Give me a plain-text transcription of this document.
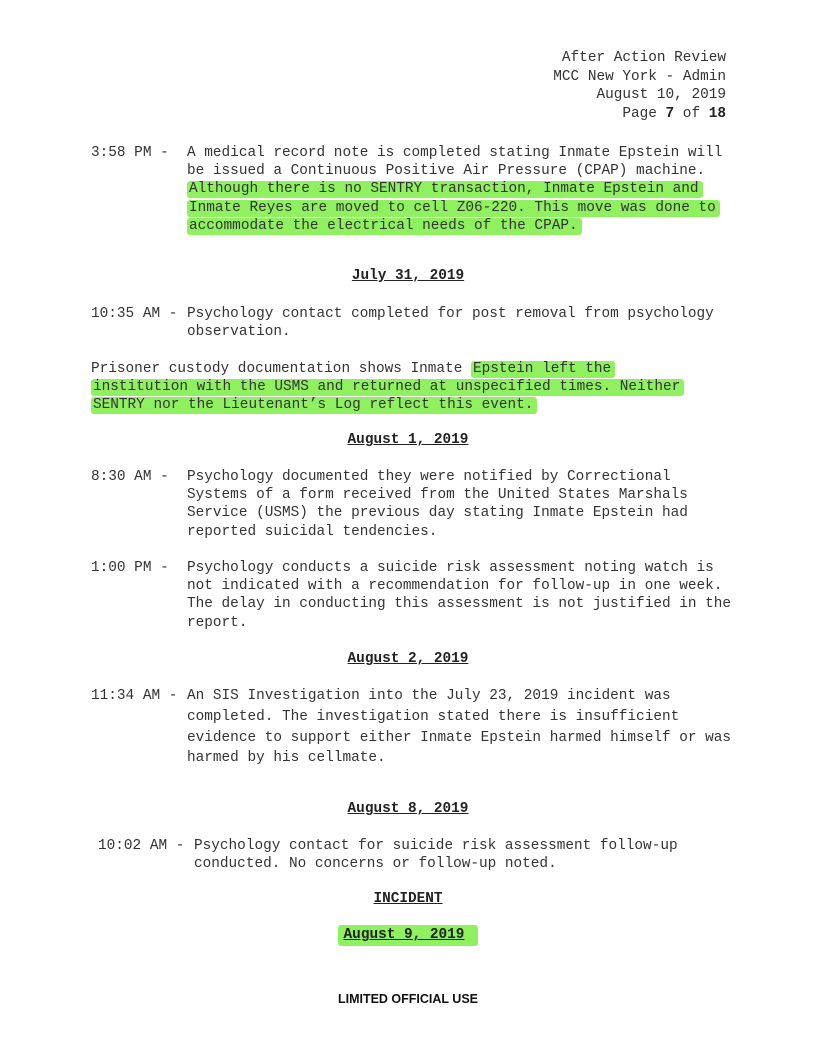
After Action Review
MCC New York - Admin
August 10, 2019
Page 7 of 18

3:58 PM -

A medical record note is completed stating Inmate Epstein will be issued a Continuous Positive Air Pressure (CPAP) machine. Although there is no SENTRY transaction, Inmate Epstein and Inmate Reyes are moved to cell Z06-220. This move was done to accommodate the electrical needs of the CPAP.

July 31, 2019

10:35 AM -

Psychology contact completed for post removal from psychology observation.

Prisoner custody documentation shows Inmate Epstein left the institution with the USMS and returned at unspecified times. Neither SENTRY nor the Lieutenant’s Log reflect this event.
August 1, 2019

8:30 AM -

Psychology documented they were notified by Correctional Systems of a form received from the United States Marshals Service (USMS) the previous day stating Inmate Epstein had reported suicidal tendencies.

1:00 PM -

Psychology conducts a suicide risk assessment noting watch is not indicated with a recommendation for follow-up in one week. The delay in conducting this assessment is not justified in the report.

August 2, 2019

11:34 AM -

An SIS Investigation into the July 23, 2019 incident was completed. The investigation stated there is insufficient evidence to support either Inmate Epstein harmed himself or was harmed by his cellmate.

August 8, 2019

10:02 AM -

Psychology contact for suicide risk assessment follow-up conducted. No concerns or follow-up noted.

INCIDENT
August 9, 2019
LIMITED OFFICIAL USE
